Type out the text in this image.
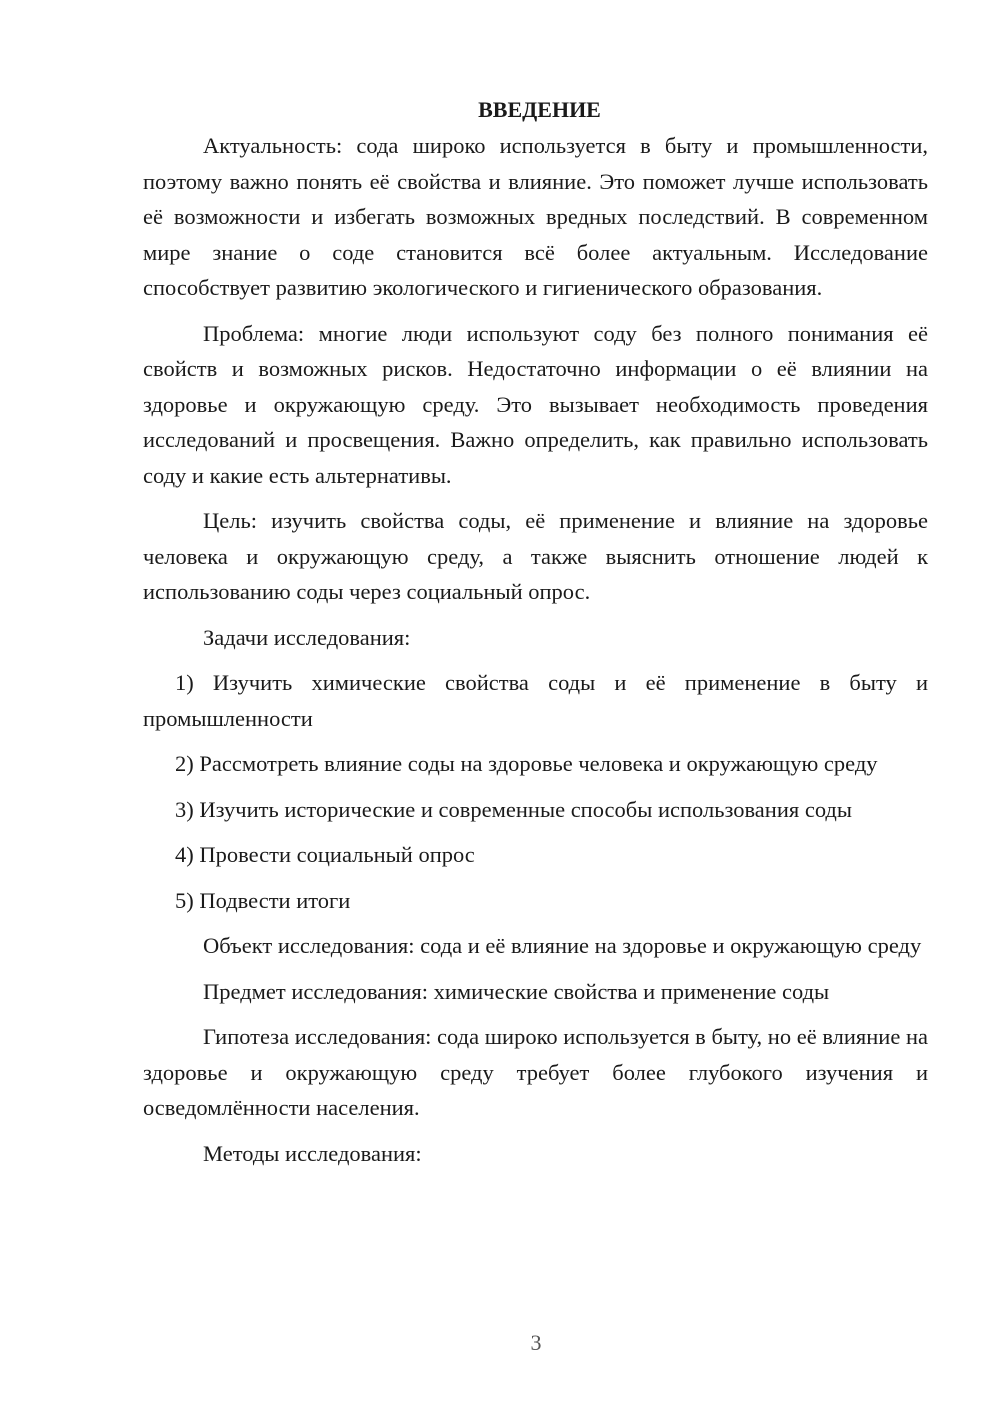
ВВЕДЕНИЕ

Актуальность: сода широко используется в быту и промышленности, поэтому важно понять её свойства и влияние. Это поможет лучше использовать её возможности и избегать возможных вредных последствий. В современном мире знание о соде становится всё более актуальным. Исследование способствует развитию экологического и гигиенического образования.

Проблема: многие люди используют соду без полного понимания её свойств и возможных рисков. Недостаточно информации о её влиянии на здоровье и окружающую среду. Это вызывает необходимость проведения исследований и просвещения. Важно определить, как правильно использовать соду и какие есть альтернативы.

Цель: изучить свойства соды, её применение и влияние на здоровье человека и окружающую среду, а также выяснить отношение людей к использованию соды через социальный опрос.

Задачи исследования:

1) Изучить химические свойства соды и её применение в быту и промышленности

2) Рассмотреть влияние соды на здоровье человека и окружающую среду

3) Изучить исторические и современные способы использования соды

4) Провести социальный опрос

5) Подвести итоги

Объект исследования: сода и её влияние на здоровье и окружающую среду

Предмет исследования: химические свойства и применение соды

Гипотеза исследования: сода широко используется в быту, но её влияние на здоровье и окружающую среду требует более глубокого изучения и осведомлённости населения.

Методы исследования:

3
